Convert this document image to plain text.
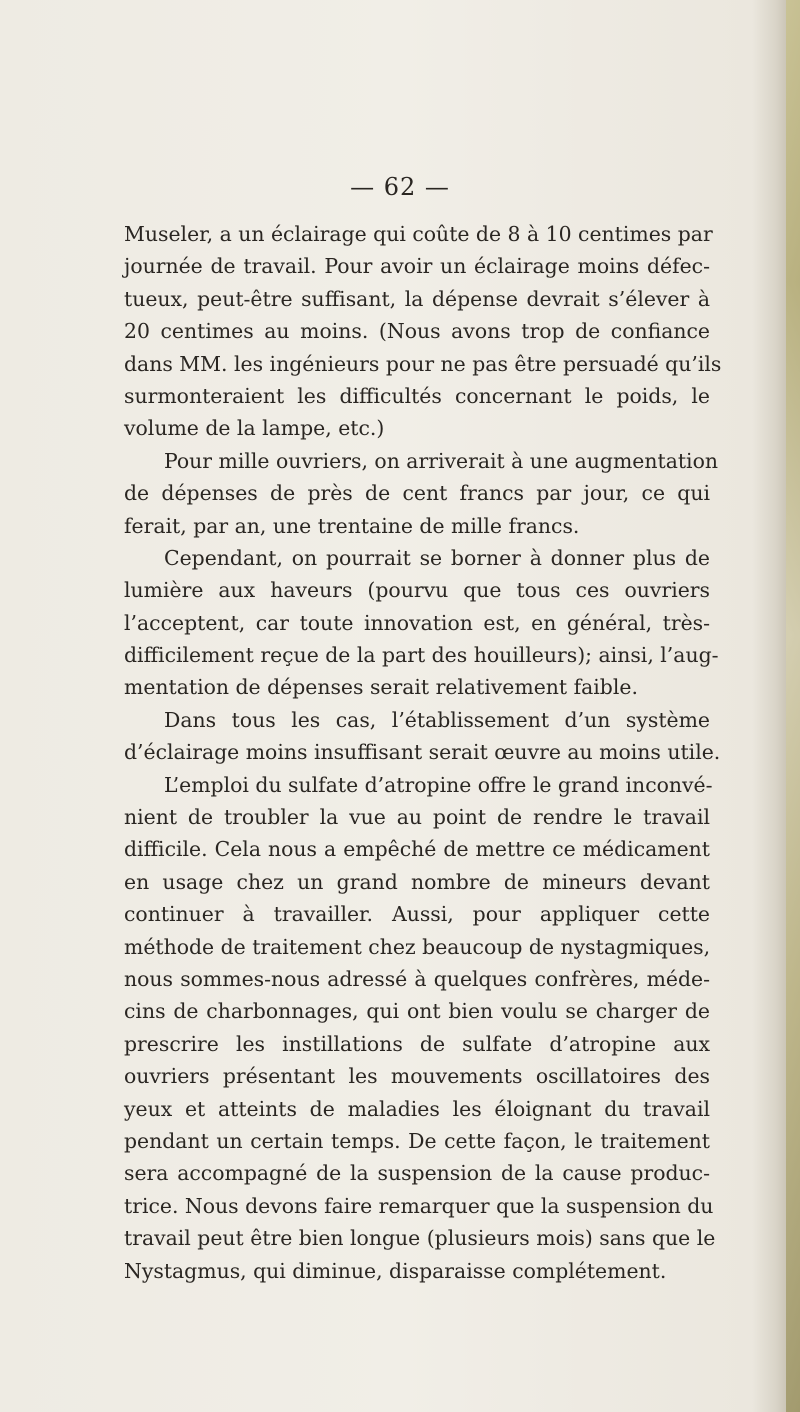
— 62 —
Museler, a un éclairage qui coûte de 8 à 10 centimes par
journée de travail. Pour avoir un éclairage moins défec-
tueux, peut-être suffisant, la dépense devrait s’élever à
20 centimes au moins. (Nous avons trop de confiance
dans MM. les ingénieurs pour ne pas être persuadé qu’ils
surmonteraient les difficultés concernant le poids, le
volume de la lampe, etc.)
Pour mille ouvriers, on arriverait à une augmentation
de dépenses de près de cent francs par jour, ce qui
ferait, par an, une trentaine de mille francs.
Cependant, on pourrait se borner à donner plus de
lumière aux haveurs (pourvu que tous ces ouvriers
l’acceptent, car toute innovation est, en général, très-
difficilement reçue de la part des houilleurs); ainsi, l’aug-
mentation de dépenses serait relativement faible.
Dans tous les cas, l’établissement d’un système
d’éclairage moins insuffisant serait œuvre au moins utile.
L’emploi du sulfate d’atropine offre le grand inconvé-
nient de troubler la vue au point de rendre le travail
difficile. Cela nous a empêché de mettre ce médicament
en usage chez un grand nombre de mineurs devant
continuer à travailler. Aussi, pour appliquer cette
méthode de traitement chez beaucoup de nystagmiques,
nous sommes-nous adressé à quelques confrères, méde-
cins de charbonnages, qui ont bien voulu se charger de
prescrire les instillations de sulfate d’atropine aux
ouvriers présentant les mouvements oscillatoires des
yeux et atteints de maladies les éloignant du travail
pendant un certain temps. De cette façon, le traitement
sera accompagné de la suspension de la cause produc-
trice. Nous devons faire remarquer que la suspension du
travail peut être bien longue (plusieurs mois) sans que le
Nystagmus, qui diminue, disparaisse complétement.
